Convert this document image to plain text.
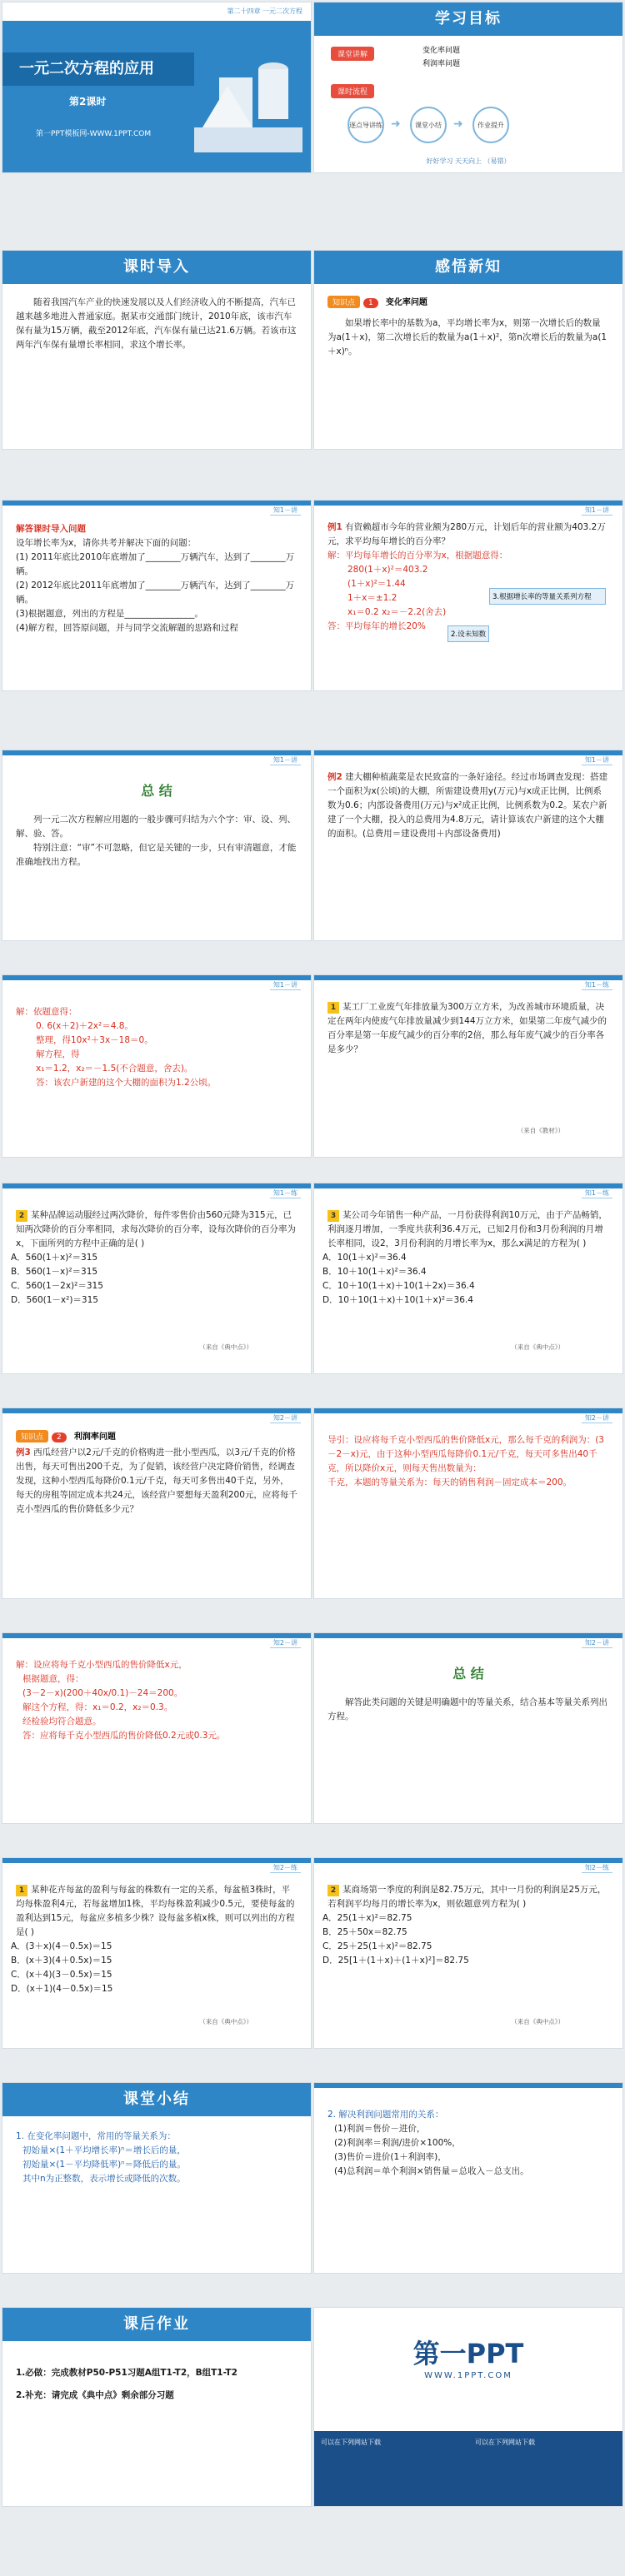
第二十四章 一元二次方程
一元二次方程的应用
第2课时
第一PPT模板网-WWW.1PPT.COM
学习目标
课堂讲解	变化率问题
利润率问题
课时流程
逐点导讲练 ➜	课堂小结	➜	作业提升
好好学习 天天向上 （易错）
课时导入
随着我国汽车产业的快速发展以及人们经济收入的不断提高，汽车已越来越多地进入普通家庭。据某市交通部门统计，2010年底，该市汽车保有量为15万辆，截至2012年底，汽车保有量已达21.6万辆。若该市这两年汽车保有量增长率相同，求这个增长率。
感悟新知
知识点 1 变化率问题
如果增长率中的基数为a，平均增长率为x，则第一次增长后的数量为a(1＋x)，第二次增长后的数量为a(1＋x)²，第n次增长后的数量为a(1＋x)ⁿ。
知1－讲
解答课时导入问题
设年增长率为x，请你共考并解决下面的问题：
(1) 2011年底比2010年底增加了________万辆汽车，达到了________万辆。
(2) 2012年底比2011年底增加了________万辆汽车，达到了________万辆。
(3)根据题意，列出的方程是________________。
(4)解方程，回答原问题，并与同学交流解题的思路和过程
知1－讲
例1 有资赖超市今年的营业额为280万元，计划后年的营业额为403.2万元，求平均每年增长的百分率？
解：平均每年增长的百分率为x，根据题意得：
280(1＋x)²＝403.2
(1＋x)²＝1.44
1＋x＝±1.2
x₁＝0.2 x₂＝－2.2(舍去)
答：平均每年的增长20%
3.根据增长率的等量关系列方程
2.设未知数
知1－讲
总 结
列一元二次方程解应用题的一般步骤可归结为六个字：审、设、列、解、验、答。
特别注意：“审”不可忽略，但它是关键的一步，只有审清题意，才能准确地找出方程。
知1－讲
例2 建大棚种植蔬菜是农民致富的一条好途径。经过市场调查发现：搭建一个面积为x(公顷)的大棚，所需建设费用y(万元)与x成正比例，比例系数为0.6；内部设备费用(万元)与x²成正比例，比例系数为0.2。某农户新建了一个大棚，投入的总费用为4.8万元，请计算该农户新建的这个大棚的面积。(总费用＝建设费用＋内部设备费用)
知1－讲
解：依题意得：
0. 6(x＋2)＋2x²＝4.8。
整理，得10x²＋3x－18＝0。
解方程，得
x₁＝1.2，x₂＝－1.5(不合题意，舍去)。
答：该农户新建的这个大棚的面积为1.2公顷。
知1－练
1 某工厂工业废气年排放量为300万立方米，为改善城市环境质量，决定在两年内使废气年排放量减少到144万立方米，如果第二年废气减少的百分率是第一年废气减少的百分率的2倍，那么每年废气减少的百分率各是多少？
（来自《教材》）
知1－练
2 某种品牌运动服经过两次降价，每件零售价由560元降为315元，已知两次降价的百分率相同，求每次降价的百分率，设每次降价的百分率为x，下面所列的方程中正确的是( )
A．560(1＋x)²＝315
B．560(1－x)²＝315
C．560(1－2x)²＝315
D．560(1－x²)＝315
（来自《典中点》）
知1－练
3 某公司今年销售一种产品，一月份获得利润10万元，由于产品畅销，利润逐月增加，一季度共获利36.4万元，已知2月份和3月份利润的月增长率相同，设2，3月份利润的月增长率为x，那么x满足的方程为( )
A．10(1＋x)²＝36.4
B．10＋10(1＋x)²＝36.4
C．10＋10(1＋x)＋10(1＋2x)＝36.4
D．10＋10(1＋x)＋10(1＋x)²＝36.4
（来自《典中点》）
知2－讲
知识点 2 利润率问题
例3 西瓜经营户以2元/千克的价格购进一批小型西瓜，以3元/千克的价格出售，每天可售出200千克，为了促销，该经营户决定降价销售，经调查发现，这种小型西瓜每降价0.1元/千克，每天可多售出40千克，另外，每天的房租等固定成本共24元，该经营户要想每天盈利200元，应将每千克小型西瓜的售价降低多少元？
知2－讲
导引：设应将每千克小型西瓜的售价降低x元，那么每千克的利润为：(3－2－x)元，由于这种小型西瓜每降价0.1元/千克，每天可多售出40千克，所以降价x元，则每天售出数量为：
千克，本题的等量关系为：每天的销售利润－固定成本＝200。
知2－讲
解：设应将每千克小型西瓜的售价降低x元，
根据题意，得：
(3－2－x)(200＋40x/0.1)－24＝200。
解这个方程，得：x₁＝0.2，x₂＝0.3。
经检验均符合题意。
答：应将每千克小型西瓜的售价降低0.2元或0.3元。
知2－讲
总 结
解答此类问题的关键是明确题中的等量关系，结合基本等量关系列出方程。
知2－练
1 某种花卉每盆的盈利与每盆的株数有一定的关系，每盆植3株时，平均每株盈利4元，若每盆增加1株，平均每株盈利减少0.5元，要使每盆的盈利达到15元，每盆应多植多少株？设每盆多植x株，则可以列出的方程是( )
A．(3＋x)(4－0.5x)＝15
B．(x＋3)(4＋0.5x)＝15
C．(x＋4)(3－0.5x)＝15
D．(x＋1)(4－0.5x)＝15
（来自《典中点》）
知2－练
2 某商场第一季度的利润是82.75万元，其中一月份的利润是25万元，若利润平均每月的增长率为x，则依题意列方程为( )
A．25(1＋x)²＝82.75
B．25＋50x＝82.75
C．25＋25(1＋x)²＝82.75
D．25[1＋(1＋x)＋(1＋x)²]＝82.75
（来自《典中点》）
课堂小结
1. 在变化率问题中，常用的等量关系为：
初始量×(1＋平均增长率)ⁿ＝增长后的量，
初始量×(1－平均降低率)ⁿ＝降低后的量。
其中n为正整数，表示增长或降低的次数。
2. 解决利润问题常用的关系：
(1)利润＝售价－进价，
(2)利润率＝利润/进价×100%，
(3)售价＝进价(1＋利润率)，
(4)总利润＝单个利润×销售量＝总收入－总支出。
课后作业
1.必做：完成教材P50-P51习题A组T1-T2，B组T1-T2
2.补充：请完成《典中点》剩余部分习题
第一PPT
WWW.1PPT.COM
可以在下列网站下载	可以在下列网站下载
